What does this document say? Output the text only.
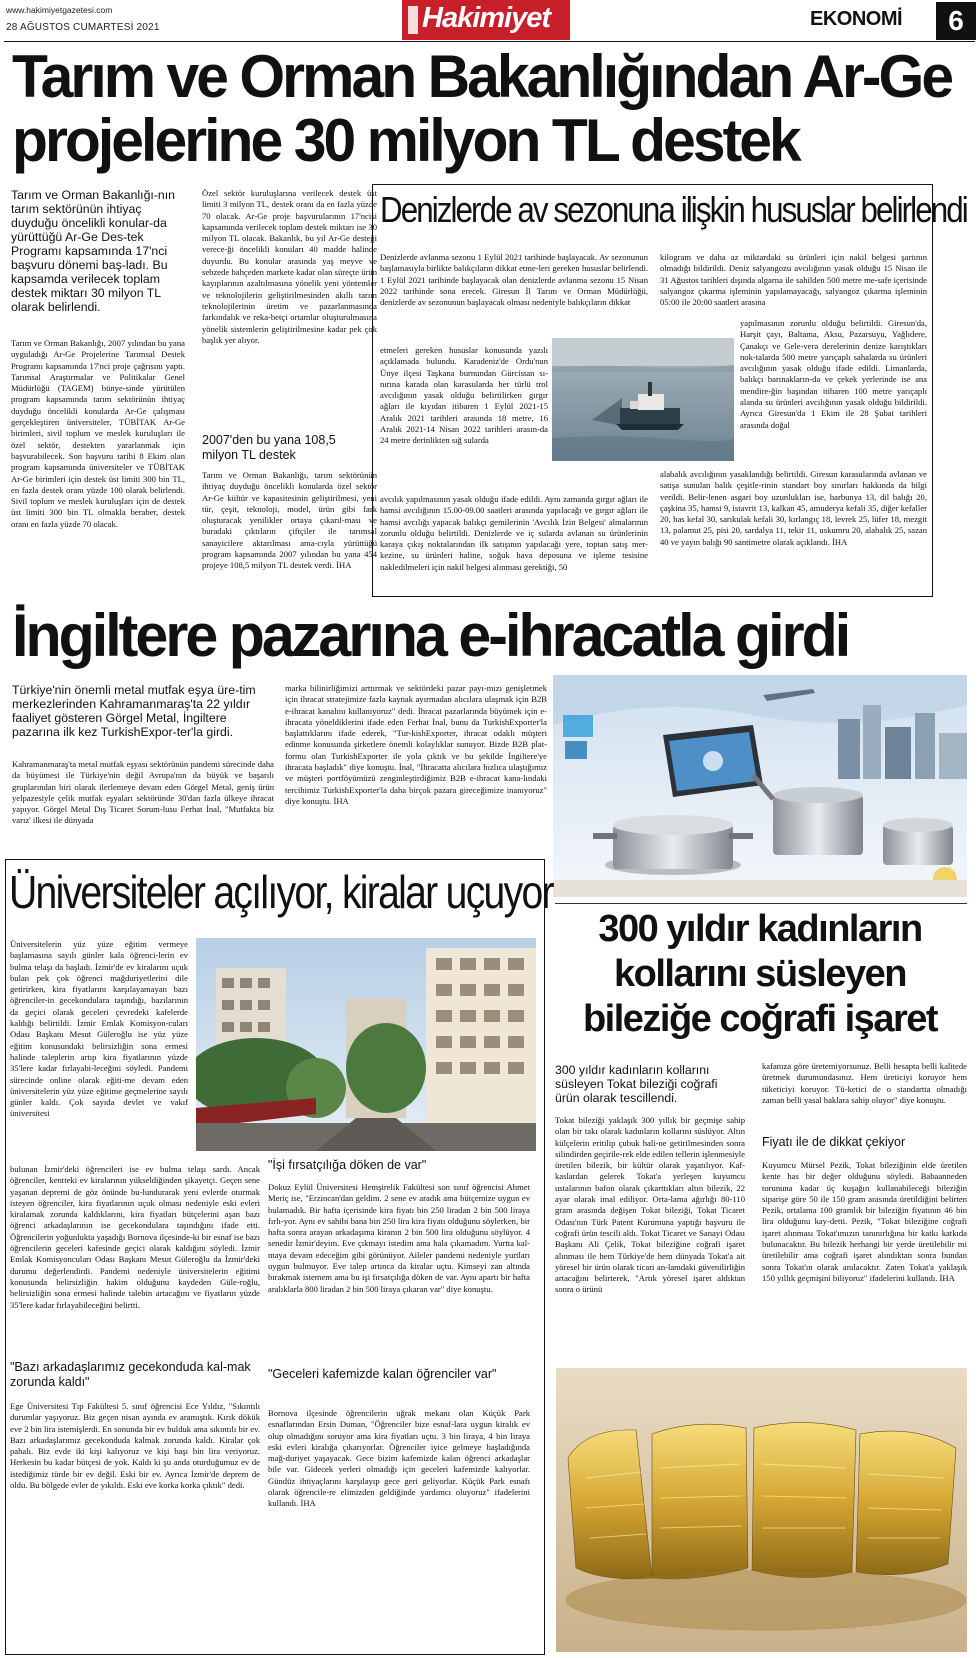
www.hakimiyetgazetesi.com
28 AĞUSTOS CUMARTESİ 2021	Hakimiyet	EKONOMİ	6
Tarım ve Orman Bakanlığından Ar-Ge
projelerine 30 milyon TL destek
Tarım ve Orman Bakanlığı-nın tarım sektörünün ihtiyaç duyduğu öncelikli konular-da yürüttüğü Ar-Ge Des-tek Programı kapsamında 17'nci başvuru dönemi baş-ladı. Bu kapsamda verilecek toplam destek miktarı 30 milyon TL olarak belirlendi.
Tarım ve Orman Bakanlığı, 2007 yılından bu yana uyguladığı Ar-Ge Projelerine Tarımsal Destek Programı kapsamında 17'nci proje çağrısını yaptı. Tarımsal Araştırmalar ve Politikalar Genel Müdürlüğü (TAGEM) bünye-sinde yürütülen program kapsamında tarım sektörünün ihtiyaç duyduğu öncelikli konularda Ar-Ge çalışması gerçekleştiren üniversiteler, TÜBİTAK Ar-Ge birimleri, sivil toplum ve meslek kuruluşları ile özel sektör, destekten yararlanmak için başvurabilecek. Son başvuru tarihi 8 Ekim olan program kapsamında üniversiteler ve TÜBİTAK Ar-Ge birimleri için destek üst limiti 300 bin TL, en fazla destek oranı yüzde 100 olarak belirlendi. Sivil toplum ve meslek kuruluşları için de destek üst limiti 300 bin TL olmakla beraber, destek oranı en fazla yüzde 70 olacak.
Özel sektör kuruluşlarına verilecek destek üst limiti 3 milyon TL, destek oranı da en fazla yüzde 70 olacak. Ar-Ge proje başvurularının 17'ncisi kapsamında verilecek toplam destek miktarı ise 30 milyon TL olacak. Bakanlık, bu yıl Ar-Ge desteği verece-ği öncelikli konuları 40 madde halinde duyurdu. Bu konular arasında yaş meyve ve sebzede bahçeden markete kadar olan süreçte ürün kayıplarının azaltılmasına yönelik yeni yöntemler ve teknolojilerin geliştirilmesinden akıllı tarım teknolojilerinin üretim ve pazarlanmasında farkındalık ve reka-betçi ortamlar oluşturulmasına yönelik sistemlerin geliştirilmesine kadar pek çok başlık yer alıyor.
2007'den bu yana 108,5 milyon TL destek
Tarım ve Orman Bakanlığı, tarım sektörünün ihtiyaç duyduğu öncelikli konularda özel sektör Ar-Ge kültür ve kapasitesinin geliştirilmesi, yeni tür, çeşit, teknoloji, model, ürün gibi fark oluşturacak yenilikler ortaya çıkarıl-ması ve buradaki çıktıların çiftçiler ile tarımsal sanayicilere aktarılması ama-cıyla yürüttüğü program kapsamında 2007 yılından bu yana 454 projeye 108,5 milyon TL destek verdi. İHA
Denizlerde av sezonuna ilişkin hususlar belirlendi
Denizlerde avlanma sezonu 1 Eylül 2021 tarihinde başlayacak. Av sezonunun başlamasıyla birlikte balıkçıların dikkat etme-leri gereken hususlar belirlendi. 1 Eylül 2021 tarihinde başlayacak olan denizlerde avlanma sezonu 15 Nisan 2022 tarihinde sona erecek. Giresun İl Tarım ve Orman Müdürlüğü, denizlerde av sezonunun başlayacak olması nedeniyle balıkçıların dikkat
etmeleri gereken hususlar konusunda yazılı açıklamada bulundu. Karadeniz'de Ordu'nun Ünye ilçesi Taşkana burnundan Gürcistan sı-nırına karada olan karasularda her türlü trol avcılığının yasak olduğu belirtilirken gırgır ağları ile kıyıdan itibaren 1 Eylül 2021-15 Aralık 2021 tarihleri arasında 18 metre, 16 Aralık 2021-14 Nisan 2022 tarihleri arasın-da 24 metre derinlikten sığ sularda
avcılık yapılmasının yasak olduğu ifade edildi. Aynı zamanda gırgır ağları ile hamsi avcılığının 15.00-09.00 saatleri arasında yapılacağı ve gırgır ağları ile hamsi avcılığı yapacak balıkçı gemilerinin 'Avcılık İzin Belgesi' almalarının zorunlu olduğu belirtildi. Denizlerde ve iç sularda avlanan su ürünlerinin karaya çıkış noktalarından ilk satışının yapılacağı yere, toptan satış mer-kezine, su ürünleri haline, soğuk hava deposuna ve işleme tesisine nakledilmeleri için nakil belgesi alınması gerektiği, 50
kilogram ve daha az miktardaki su ürünleri için nakil belgesi şartının olmadığı bildirildi. Deniz salyangozu avcılığının yasak olduğu 15 Nisan ile 31 Ağustos tarihleri dışında algarna ile sahilden 500 metre me-safe içerisinde salyangoz çıkarma işleminin yapılamayacağı, salyangoz çıkarma işleminin 05:00 ile 20:00 saatleri arasına
yapılmasının zorunlu olduğu belirtildi. Giresun'da, Harşit çayı, Baltama, Aksu, Pazarsuyu, Yağlıdere, Çanakçı ve Gele-vera derelerinin denize karıştıkları nok-talarda 500 metre yarıçaplı sahalarda su ürünleri avcılığının yasak olduğu ifade edildi. Limanlarda, balıkçı barınakların-da ve çekek yerlerinde ise ana mendire-ğin başından itibaren 100 metre yarıçaplı alanda su ürünleri avcılığının yasak olduğu bildirildi. Ayrıca Giresun'da 1 Ekim ile 28 Şubat tarihleri arasında doğal
alabalık avcılığının yasaklandığı belirtildi. Giresun karasularında avlanan ve satışa sunulan balık çeşitle-rinin standart boy sınırları hakkında da bilgi verildi. Belir-lenen asgari boy uzunlukları ise, barbunya 13, dil balığı 20, çaşkina 35, hamsi 9, istavrit 13, kalkan 45, amuderya kefali 35, diğer kefaller 20, has kefal 30, sarıkulak kefali 30, kırlangıç 18, levrek 25, lüfer 18, mezgit 13, palamut 25, pisi 20, sardalya 11, tekir 11, uskumru 20, alabalık 25, sazan 40 ve yayın balığı 90 santimetre olarak açıklandı. İHA
İngiltere pazarına e-ihracatla girdi
Türkiye'nin önemli metal mutfak eşya üre-tim merkezlerinden Kahramanmaraş'ta 22 yıldır faaliyet gösteren Görgel Metal, İngiltere pazarına ilk kez TurkishExpor-ter'la girdi.
Kahramanmaraş'ta metal mutfak eşyası sektörünün pandemi sürecinde daha da büyümesi ile Türkiye'nin değil Avrupa'nın da büyük ve başarılı gruplarından biri olarak ilerlemeye devam eden Görgel Metal, geniş ürün yelpazesiyle çelik mutfak eşyaları sektöründe 30'dan fazla ülkeye ihracat yapıyor. Görgel Metal Dış Ticaret Sorum-lusu Ferhat İnal, "Mutfakta biz varız' ilkesi ile dünyada
marka bilinirliğimizi arttırmak ve sektördeki pazar payı-mızı genişletmek için ihracat stratejimize fazla kaynak ayırmadan alıcılara ulaşmak için B2B e-ihracat kanalını kullanıyoruz" dedi. İhracat pazarlarında büyümek için e-ihracata yöneldiklerini ifade eden Ferhat İnal, bunu da TurkishExporter'la başlattıklarını ifade ederek, "Tur-kishExporter, ihracat odaklı müşteri edinme konusunda şirketlere önemli kolaylıklar sunuyor. Bizde B2B plat-formu olan TurkishExporter ile yola çıktık ve bu şekilde İngiltere'ye ihracata başladık" diye konuştu. İnal, "İhracatta alıcılara hızlıca ulaştığımız ve müşteri portföyümüzü zenginleştirdiğimiz B2B e-ihracat kana-lındaki tercihimiz TurkishExporter'la daha birçok pazara gireceğimize inanıyoruz" diye konuştu. İHA
Üniversiteler açılıyor, kiralar uçuyor
Üniversitelerin yüz yüze eğitim vermeye başlamasına sayılı günler kala öğrenci-lerin ev bulma telaşı da başladı. İzmir'de ev kiralarını uçuk bulan pek çok öğrenci mağduriyetlerini dile getirirken, kira fiyatlarını karşılayamayan bazı öğrenciler-in gecekondulara taşındığı, bazılarının da geçici olarak geceleri çevredeki kafelerde kaldığı belirtildi. İzmir Emlak Komisyon-cuları Odası Başkanı Mesut Güleroğlu ise yüz yüze eğitim konusundaki belirsizliğin sona ermesi halinde taleplerin artıp kira fiyatlarının yüzde 35'lere kadar fırlayabi-leceğini söyledi. Pandemi sürecinde online olarak eğiti-me devam eden üniversitelerin yüz yüze eğitime geçmelerine sayılı günler kaldı. Çok sayıda devlet ve vakıf üniversitesi
bulunan İzmir'deki öğrencileri ise ev bulma telaşı sardı. Ancak öğrenciler, kentteki ev kiralarının yükseldiğinden şikayetçi. Geçen sene yaşanan depremi de göz önünde bu-lundurarak yeni evlerde oturmak isteyen öğrenciler, kira fiyatlarının uçuk olması nedeniyle eski evleri kiralamak zorunda kaldıklarını, kira fiyatları bütçelerini aşan bazı öğrenci arkadaşlarının ise gecekondulara taşındığını ifade etti. Öğrencilerin yoğunlukta yaşadığı Bornova ilçesinde-ki bir esnaf ise bazı öğrencilerin geceleri kafesinde geçici olarak kaldığını söyledi. İzmir Emlak Komisyoncuları Odası Başkanı Mesut Güleroğlu da İzmir'deki durumu değerlendirdi. Pandemi nedeniyle üniversitelerin eğitimi konusunda belirsizliğin hakim olduğunu kaydeden Güle-roğlu, belirsizliğin sona ermesi halinde talebin artacağını ve fiyatların yüzde 35'lere kadar fırlayabileceğini belirtti.
"Bazı arkadaşlarımız gecekonduda kal-mak zorunda kaldı"
Ege Üniversitesi Tıp Fakültesi 5. sınıf öğrencisi Ece Yıldız, "Sıkıntılı durumlar yaşıyoruz. Biz geçen nisan ayında ev aramıştık. Kırık dökük eve 2 bin lira istemişlerdi. En sonunda bir ev bulduk ama sıkıntılı bir ev. Bazı arkadaşlarımız gecekonduda kalmak zorunda kaldı. Kiralar çok pahalı. Biz evde iki kişi kalıyoruz ve kişi başı bin lira veriyoruz. Herkesin bu kadar bütçesi de yok. Kaldı ki şu anda oturduğumuz ev de istediğimiz türde bir ev değil. Eski bir ev. Ayrıca İzmir'de deprem de oldu. Bu bölgede evler de yıkıldı. Eski eve korka korka çıktık" dedi.
"İşi fırsatçılığa döken de var"
Dokuz Eylül Üniversitesi Hemşirelik Fakültesi son sınıf öğrencisi Ahmet Meriç ise, "Erzincan'dan geldim. 2 sene ev aradık ama bütçemize uygun ev bulamadık. Bir hafta içerisinde kira fiyatı bin 250 liradan 2 bin 500 liraya fırlı-yor. Aynı ev sahibi bana bin 250 lira kira fiyatı olduğunu söylerken, bir hafta sonra arayan arkadaşıma kiranın 2 bin 500 lira olduğunu söylüyor. 4 senedir İzmir'deyim. Eve çıkmayı istedim ama hala çıkamadım. Yurtta kal-maya devam edeceğim gibi görünüyor. Aileler pandemi nedeniyle yurtları uygun bulmuyor. Eve talep artınca da kiralar uçtu. Kimseyi zan altında bırakmak istemem ama bu işi fırsatçılığa döken de var. Aynı apartı bir hafta aralıklarla 800 liradan 2 bin 500 liraya çıkaran var" diye konuştu.
"Geceleri kafemizde kalan öğrenciler var"
Bornova ilçesinde öğrencilerin uğrak mekanı olan Küçük Park esnaflarından Ersin Duman, "Öğrenciler bize esnaf-lara uygun kiralık ev olup olmadığını soruyor ama kira fiyatları uçtu. 3 bin liraya, 4 bin liraya eski evleri kiralığa çıkarıyorlar. Öğrenciler iyice gelmeye başladığında mağ-duriyet yaşayacak. Gece bizim kafemizde kalan öğrenci arkadaşlar bile var. Gidecek yerleri olmadığı için geceleri kafemizde kalıyorlar. Gündüz ihtiyaçlarını karşılayıp gece geri geliyorlar. Küçük Park esnafı olarak öğrencile-re elimizden geldiğinde yardımcı oluyoruz" ifadelerini kullandı. İHA
300 yıldır kadınların
kollarını süsleyen
bileziğe coğrafi işaret
300 yıldır kadınların kollarını süsleyen Tokat bileziği coğrafi ürün olarak tescillendi.
Tokat bileziği yaklaşık 300 yıllık bir geçmişe sahip olan bir takı olarak kadınların kollarını süslüyor. Altın külçelerin eritilip çubuk hali-ne getirilmesinden sonra silindirden geçirile-rek elde edilen tellerin işlenmesiyle üretilen bilezik, bir kültür olarak yaşatılıyor. Kaf-kaslardan gelerek Tokat'a yerleşen kuyumcu ustalarının bafon olarak çıkarttıkları altın bilezik, 22 ayar olarak imal ediliyor. Orta-lama ağırlığı 80-110 gram arasında değişen Tokat bileziği, Tokat Ticaret Odası'nın Türk Patent Kurumuna yaptığı başvuru ile coğrafi ürün tescili aldı. Tokat Ticaret ve Sanayi Odası Başkanı Ali Çelik, Tokat bileziğine coğrafi işaret alınması ile hem Türkiye'de hem dünyada Tokat'a ait yöresel bir ürün olarak ticari an-lamdaki güvenilirliğin artacağını belirterek, "Artık yöresel işaret aldıktan sonra o ürünü
kafanıza göre üretemiyorsunuz. Belli hesapta belli kalitede üretmek durumundasınız. Hem üreticiyi koruyor hem tüketiciyi koruyor. Tü-ketici de o standartta olmadığı zaman belli yasal haklara sahip oluyor" diye konuştu.
Fiyatı ile de dikkat çekiyor
Kuyumcu Mürsel Pezik, Tokat bileziğinin elde üretilen kente has bir değer olduğunu söyledi. Babaanneden torununa kadar üç kuşağın kullanabileceği bileziğin siparişe göre 50 ile 150 gram arasında üretildiğini belirten Pezik, ortalama 100 gramlık bir bileziğin fiyatının 46 bin lira olduğunu kay-detti. Pezik, "Tokat bileziğine coğrafi işaret alınması Tokat'ımızın tanınırlığına bir katkı katkıda bulunacaktır. Bu bilezik herhangi bir yerde üretilebilir mi üretilebilir ama coğrafi işaret alındıktan sonra bundan sonra Tokat'ın olarak anılacaktır. Zaten Tokat'a yaklaşık 150 yıllık geçmişini biliyoruz" ifadelerini kullandı. İHA
